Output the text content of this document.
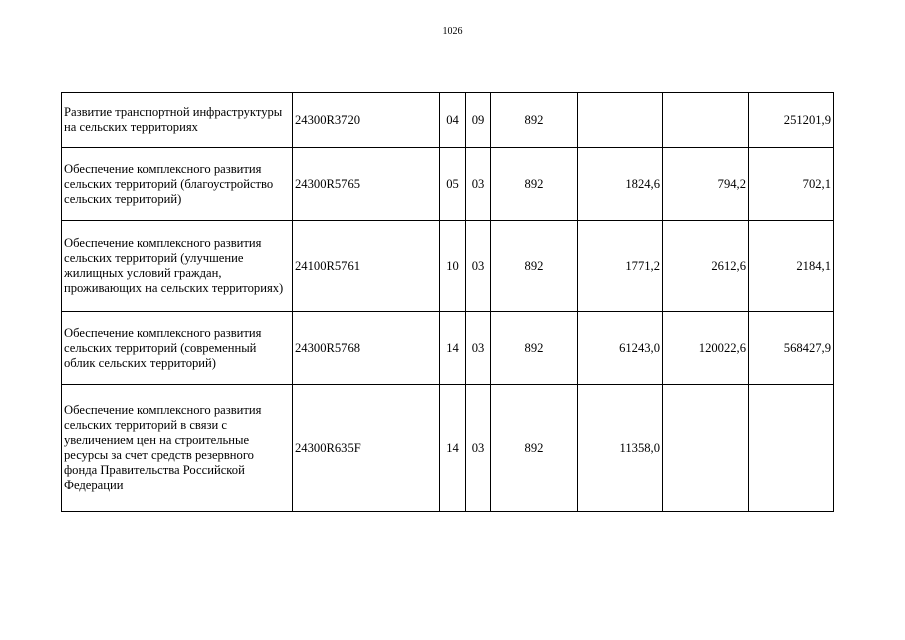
1026
Развитие транспортной инфраструктуры на сельских территориях	24300R3720	04	09	892			251201,9
Обеспечение комплексного развития сельских территорий (благоустройство сельских территорий)	24300R5765	05	03	892	1824,6	794,2	702,1
Обеспечение комплексного развития сельских территорий (улучшение жилищных условий граждан, проживающих на сельских территориях)	24100R5761	10	03	892	1771,2	2612,6	2184,1
Обеспечение комплексного развития сельских территорий (современный облик сельских территорий)	24300R5768	14	03	892	61243,0	120022,6	568427,9
Обеспечение комплексного развития сельских территорий в связи с увеличением цен на строительные ресурсы за счет средств резервного фонда Правительства Российской Федерации	24300R635F	14	03	892	11358,0		
